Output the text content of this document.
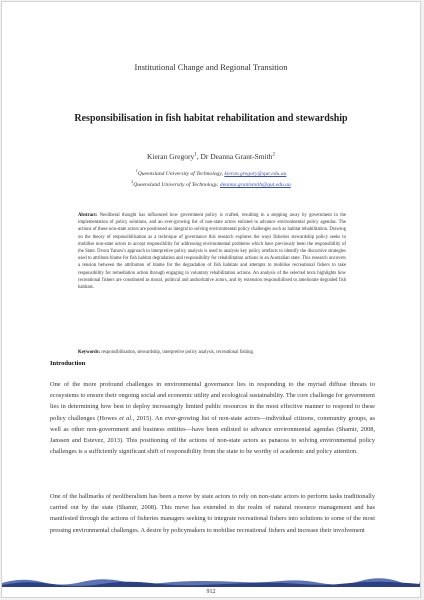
Institutional Change and Regional Transition
Responsibilisation in fish habitat rehabilitation and stewardship
Kieran Gregory$^1$, Dr Deanna Grant-Smith$^2$
$^1$Queensland University of Technology, kieran.gregory@qut.edu.au
$^2$Queensland University of Technology, deanna.grantsmith@qut.edu.au
Abstract: Neoliberal thought has influenced how government policy is crafted, resulting in a stepping away by government in the implementation of policy solutions, and an ever-growing list of non-state actors enlisted to advance environmental policy agendas. The actions of these non-state actors are positioned as integral to solving environmental policy challenges such as habitat rehabilitation. Drawing on the theory of responsibilisation as a technique of governance this research explores the ways fisheries stewardship policy seeks to mobilise non-state actors to accept responsibility for addressing environmental problems which have previously been the responsibility of the State. Dvora Yanow's approach to interpretive policy analysis is used to analysis key policy artefacts to identify the discursive strategies used to attribute blame for fish habitat degradation and responsibility for rehabilitation actions in an Australian state. This research uncovers a tension between the attribution of blame for the degradation of fish habitats and attempts to mobilise recreational fishers to take responsibility for remediation action through engaging in voluntary rehabilitation actions. An analysis of the selected texts highlights how recreational fishers are constituted as moral, political and authoritative actors, and by extension responsibilised to ameliorate degraded fish habitats.
Keywords: responsibilisation, stewardship, interpretive policy analysis, recreational fishing.
Introduction
One of the more profound challenges in environmental governance lies in responding to the myriad diffuse threats to ecosystems to ensure their ongoing social and economic utility and ecological sustainability. The core challenge for government lies in determining how best to deploy increasingly limited public resources in the most effective manner to respond to these policy challenges (Howes et al., 2015). An ever-growing list of non-state actors—individual citizens, community groups, as well as other non-government and business entities—have been enlisted to advance environmental agendas (Shamir, 2008, Janssen and Estevez, 2013). This positioning of the actions of non-state actors as panacea to solving environmental policy challenges is a sufficiently significant shift of responsibility from the state to be worthy of academic and policy attention.
One of the hallmarks of neoliberalism has been a move by state actors to rely on non-state actors to perform tasks traditionally carried out by the state (Shamir, 2008). This move has extended to the realm of natural resource management and has manifested through the actions of fisheries managers seeking to integrate recreational fishers into solutions to some of the most pressing environmental challenges. A desire by policymakers to mobilise recreational fishers and increase their involvement
912
